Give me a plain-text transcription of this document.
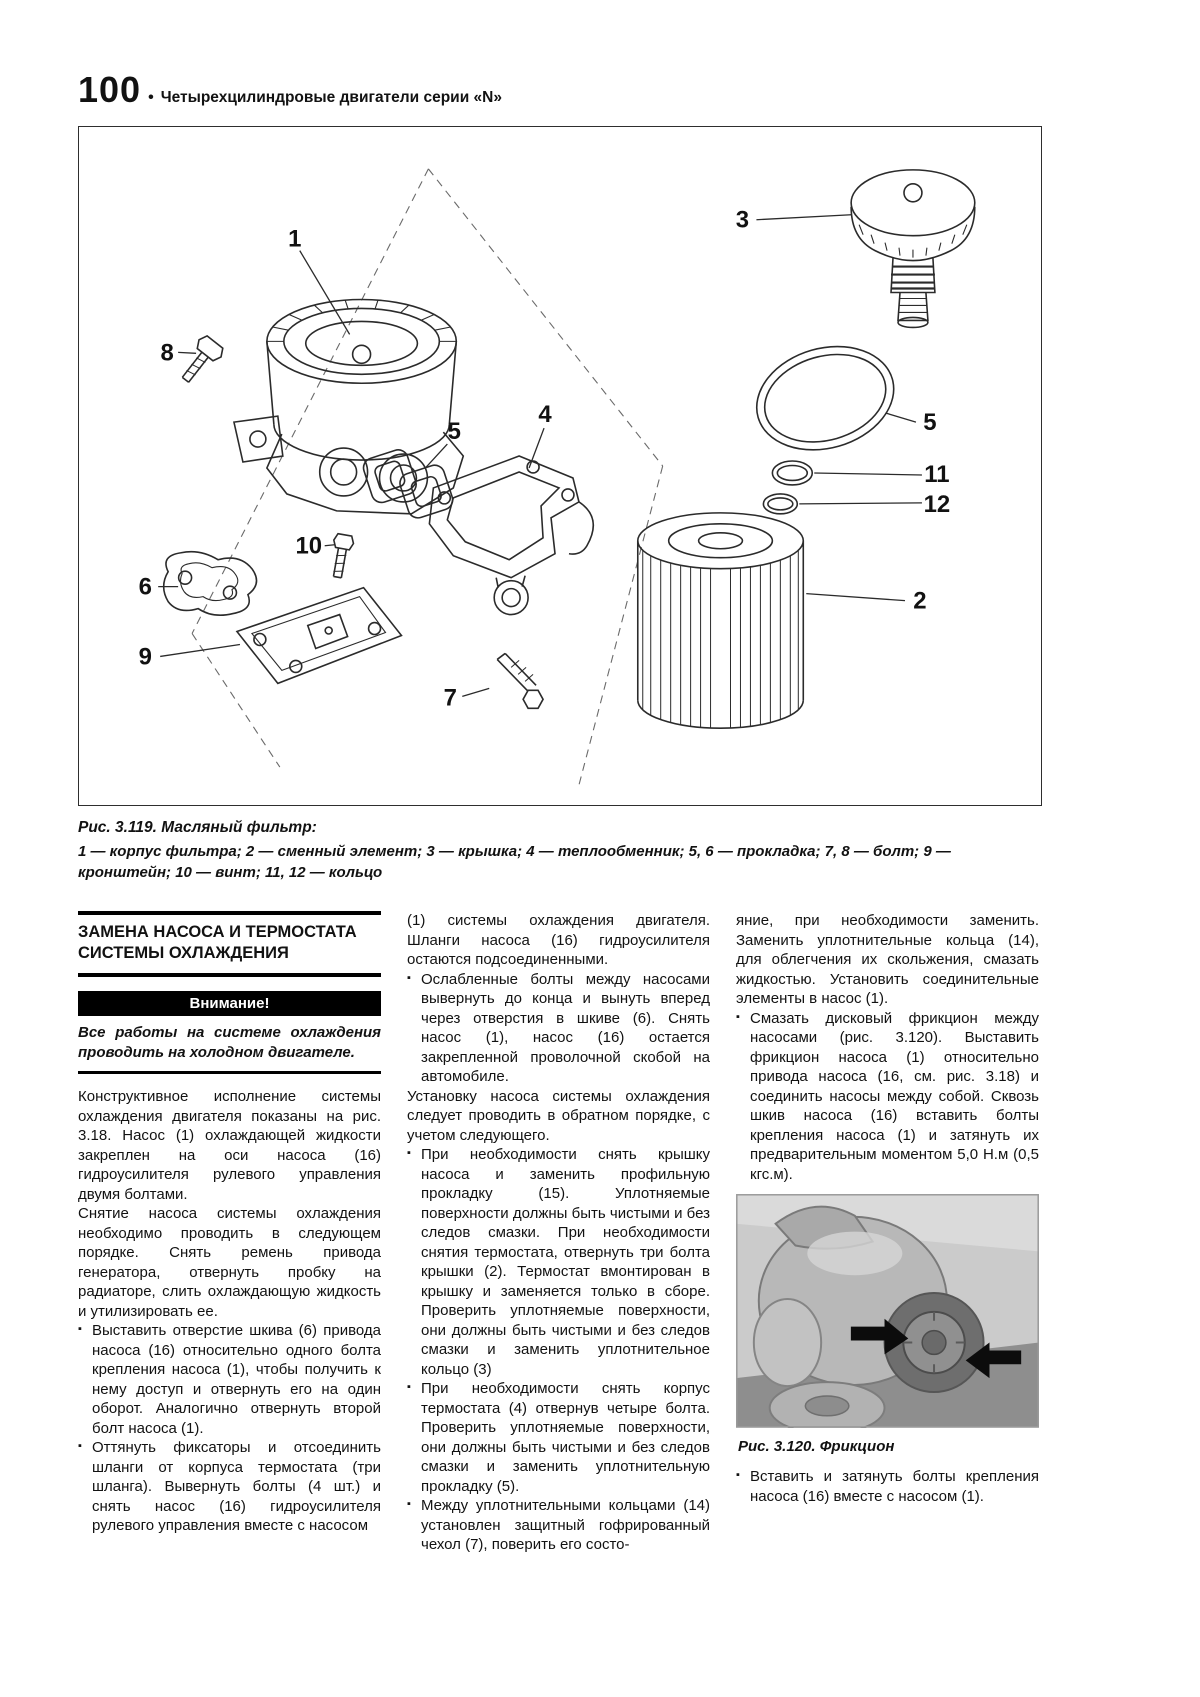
100 • Четырехцилиндровые двигатели серии «N»
1
8
5
4
10
6
9
7
3
5
11
12
2
Рис. 3.119. Масляный фильтр:
1 — корпус фильтра; 2 — сменный элемент; 3 — крышка; 4 — теплообменник; 5, 6 — прокладка; 7, 8 — болт; 9 — кронштейн; 10 — винт; 11, 12 — кольцо
ЗАМЕНА НАСОСА И ТЕРМОСТАТА СИСТЕМЫ ОХЛАЖДЕНИЯ
Внимание!
Все работы на системе охлаждения проводить на холодном двигателе.

Конструктивное исполнение системы охлаждения двигателя показаны на рис. 3.18. Насос (1) охлаждающей жидкости закреплен на оси насоса (16) гидроусилителя рулевого управления двумя болтами.

Снятие насоса системы охлаждения необходимо проводить в следующем порядке. Снять ремень привода генератора, отвернуть пробку на радиаторе, слить охлаждающую жидкость и утилизировать ее.

▪ Выставить отверстие шкива (6) привода насоса (16) относительно одного болта крепления насоса (1), чтобы получить к нему доступ и отвернуть его на один оборот. Аналогично отвернуть второй болт насоса (1).

▪ Оттянуть фиксаторы и отсоединить шланги от корпуса термостата (три шланга). Вывернуть болты (4 шт.) и снять насос (16) гидроусилителя рулевого управления вместе с насосом

(1) системы охлаждения двигателя. Шланги насоса (16) гидроусилителя остаются подсоединенными.

▪ Ослабленные болты между насосами вывернуть до конца и вынуть вперед через отверстия в шкиве (6). Снять насос (1), насос (16) остается закрепленной проволочной скобой на автомобиле.

Установку насоса системы охлаждения следует проводить в обратном порядке, с учетом следующего.

▪ При необходимости снять крышку насоса и заменить профильную прокладку (15). Уплотняемые поверхности должны быть чистыми и без следов смазки. При необходимости снятия термостата, отвернуть три болта крышки (2). Термостат вмонтирован в крышку и заменяется только в сборе. Проверить уплотняемые поверхности, они должны быть чистыми и без следов смазки и заменить уплотнительное кольцо (3)

▪ При необходимости снять корпус термостата (4) отвернув четыре болта. Проверить уплотняемые поверхности, они должны быть чистыми и без следов смазки и заменить уплотнительную прокладку (5).

▪ Между уплотнительными кольцами (14) установлен защитный гофрированный чехол (7), поверить его состо-

яние, при необходимости заменить. Заменить уплотнительные кольца (14), для облегчения их скольжения, смазать жидкостью. Установить соединительные элементы в насос (1).

▪ Смазать дисковый фрикцион между насосами (рис. 3.120). Выставить фрикцион насоса (1) относительно привода насоса (16, см. рис. 3.18) и соединить насосы между собой. Сквозь шкив насоса (16) вставить болты крепления насоса (1) и затянуть их предварительным моментом 5,0 Н.м (0,5 кгс.м).

Рис. 3.120. Фрикцион

▪ Вставить и затянуть болты крепления насоса (16) вместе с насосом (1).
